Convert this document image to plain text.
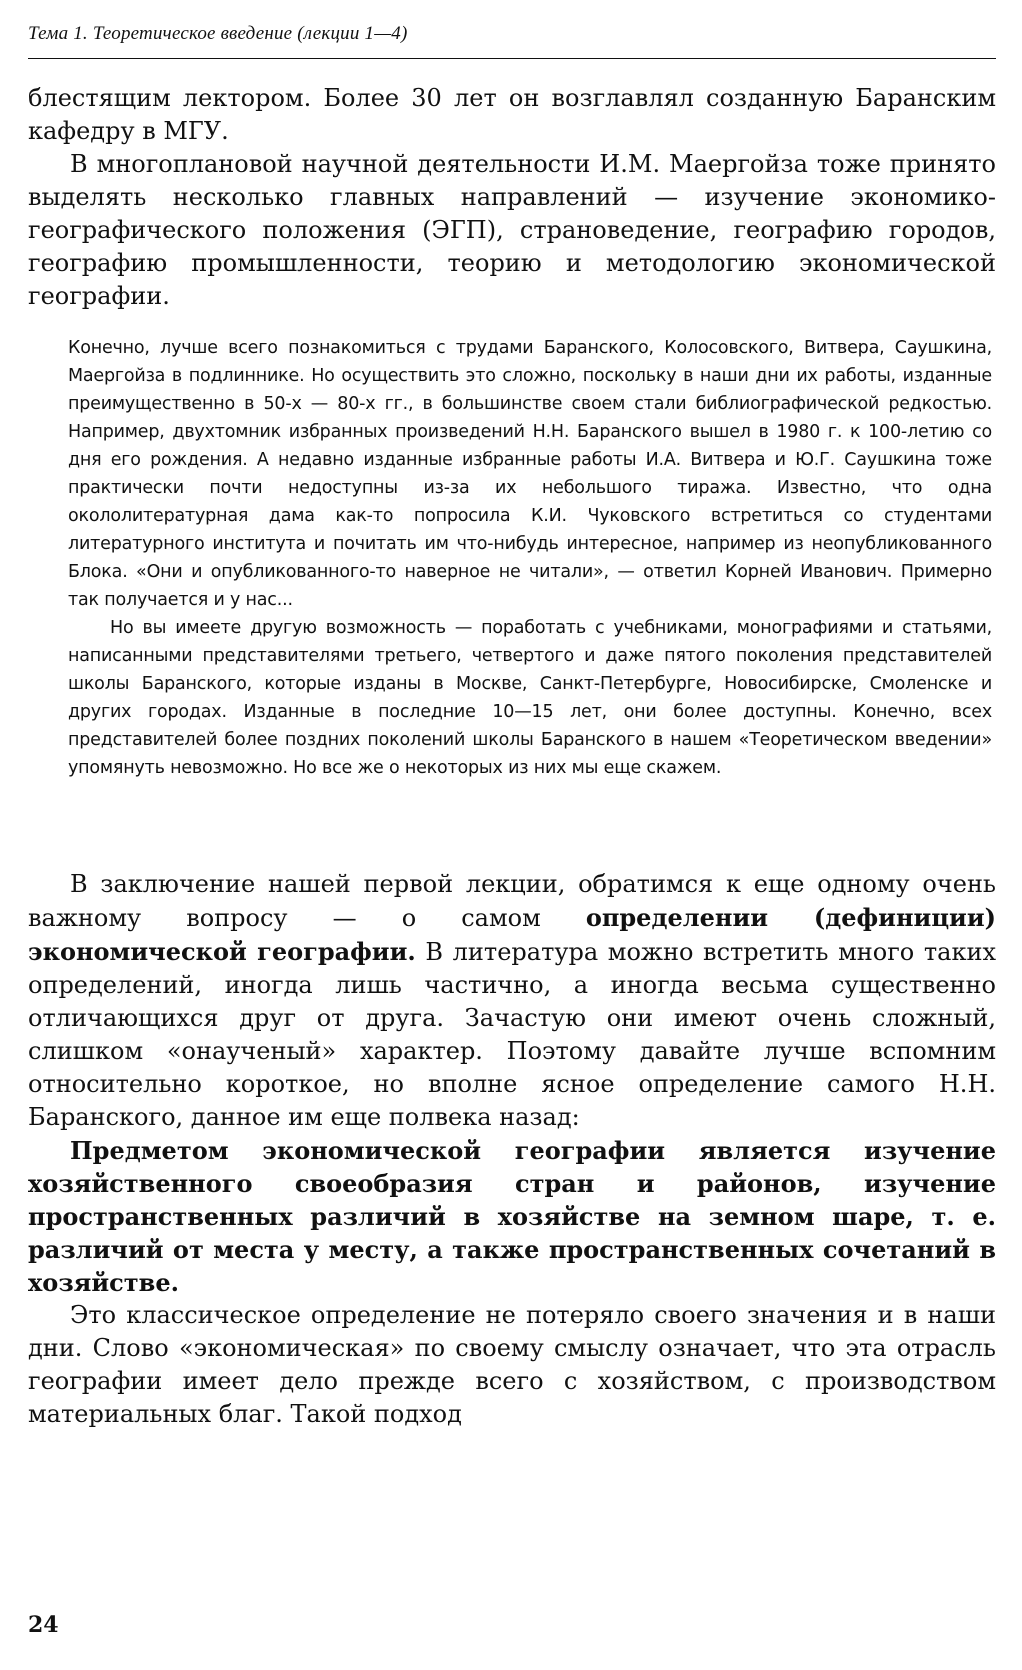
Тема 1. Теоретическое введение (лекции 1—4)

блестящим лектором. Более 30 лет он возглавлял созданную Баранским кафедру в МГУ.

В многоплановой научной деятельности И.М. Маергойза тоже принято выделять несколько главных направлений — изучение экономико-географического положения (ЭГП), страноведение, географию городов, географию промышленности, теорию и методологию экономической географии.

Конечно, лучше всего познакомиться с трудами Баранского, Колосовского, Витвера, Саушкина, Маергойза в подлиннике. Но осуществить это сложно, поскольку в наши дни их работы, изданные преимущественно в 50-х — 80-х гг., в большинстве своем стали библиографической редкостью. Например, двухтомник избранных произведений Н.Н. Баранского вышел в 1980 г. к 100-летию со дня его рождения. А недавно изданные избранные работы И.А. Витвера и Ю.Г. Саушкина тоже практически почти недоступны из-за их небольшого тиража. Известно, что одна окололитературная дама как-то попросила К.И. Чуковского встретиться со студентами литературного института и почитать им что-нибудь интересное, например из неопубликованного Блока. «Они и опубликованного-то наверное не читали», — ответил Корней Иванович. Примерно так получается и у нас...

Но вы имеете другую возможность — поработать с учебниками, монографиями и статьями, написанными представителями третьего, четвертого и даже пятого поколения представителей школы Баранского, которые изданы в Москве, Санкт-Петербурге, Новосибирске, Смоленске и других городах. Изданные в последние 10—15 лет, они более доступны. Конечно, всех представителей более поздних поколений школы Баранского в нашем «Теоретическом введении» упомянуть невозможно. Но все же о некоторых из них мы еще скажем.

В заключение нашей первой лекции, обратимся к еще одному очень важному вопросу — о самом определении (дефиниции) экономической географии. В литература можно встретить много таких определений, иногда лишь частично, а иногда весьма существенно отличающихся друг от друга. Зачастую они имеют очень сложный, слишком «онаученый» характер. Поэтому давайте лучше вспомним относительно короткое, но вполне ясное определение самого Н.Н. Баранского, данное им еще полвека назад:

Предметом экономической географии является изучение хозяйственного своеобразия стран и районов, изучение пространственных различий в хозяйстве на земном шаре, т. е. различий от места у месту, а также пространственных сочетаний в хозяйстве.

Это классическое определение не потеряло своего значения и в наши дни. Слово «экономическая» по своему смыслу означает, что эта отрасль географии имеет дело прежде всего с хозяйством, с производством материальных благ. Такой подход

24
